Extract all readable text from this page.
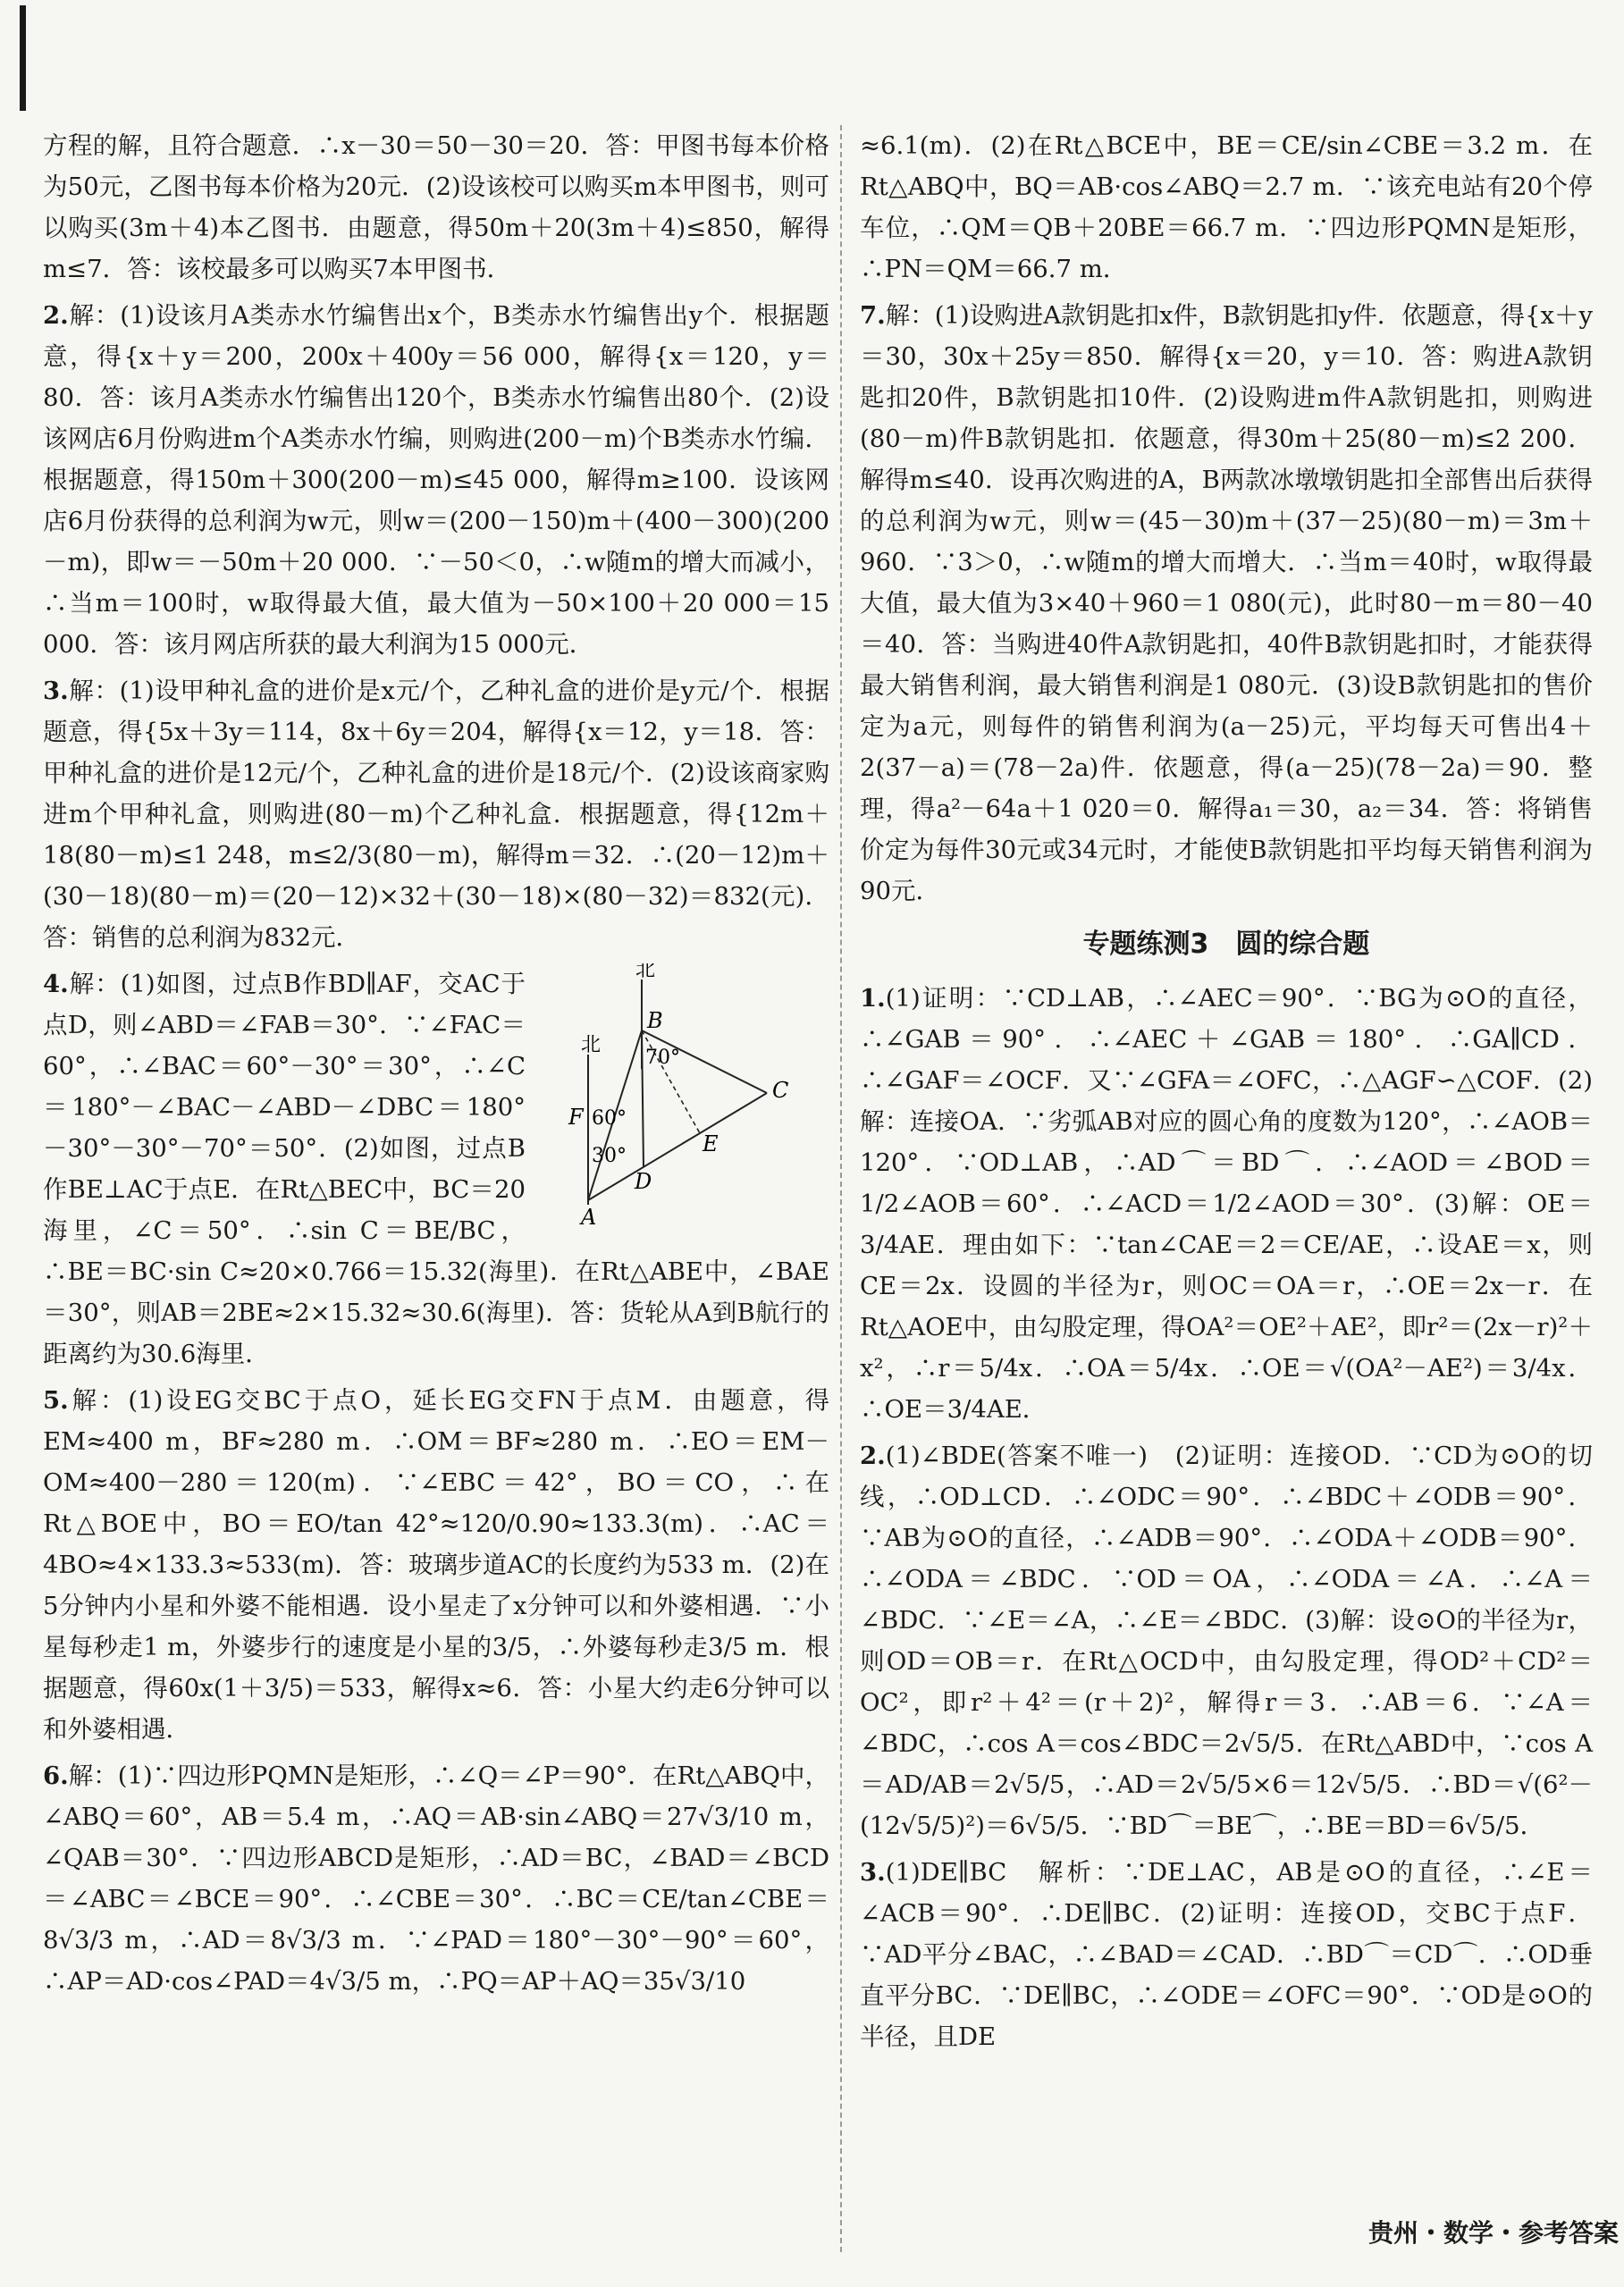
方程的解，且符合题意．∴x－30＝50－30＝20．答：甲图书每本价格为50元，乙图书每本价格为20元．(2)设该校可以购买m本甲图书，则可以购买(3m＋4)本乙图书．由题意，得50m＋20(3m＋4)≤850，解得m≤7．答：该校最多可以购买7本甲图书．

2.解：(1)设该月A类赤水竹编售出x个，B类赤水竹编售出y个．根据题意，得{x＋y＝200，200x＋400y＝56 000，解得{x＝120，y＝80．答：该月A类赤水竹编售出120个，B类赤水竹编售出80个．(2)设该网店6月份购进m个A类赤水竹编，则购进(200－m)个B类赤水竹编．根据题意，得150m＋300(200－m)≤45 000，解得m≥100．设该网店6月份获得的总利润为w元，则w＝(200－150)m＋(400－300)(200－m)，即w＝－50m＋20 000．∵－50＜0，∴w随m的增大而减小，∴当m＝100时，w取得最大值，最大值为－50×100＋20 000＝15 000．答：该月网店所获的最大利润为15 000元．

3.解：(1)设甲种礼盒的进价是x元/个，乙种礼盒的进价是y元/个．根据题意，得{5x＋3y＝114，8x＋6y＝204，解得{x＝12，y＝18．答：甲种礼盒的进价是12元/个，乙种礼盒的进价是18元/个．(2)设该商家购进m个甲种礼盒，则购进(80－m)个乙种礼盒．根据题意，得{12m＋18(80－m)≤1 248，m≤2/3(80－m)，解得m＝32．∴(20－12)m＋(30－18)(80－m)＝(20－12)×32＋(30－18)×(80－32)＝832(元)．答：销售的总利润为832元．

北
北
B
C
A
D
E
F 60°
30°
70°
4.解：(1)如图，过点B作BD∥AF，交AC于点D，则∠ABD＝∠FAB＝30°．∵∠FAC＝60°，∴∠BAC＝60°－30°＝30°，∴∠C＝180°－∠BAC－∠ABD－∠DBC＝180°－30°－30°－70°＝50°．(2)如图，过点B作BE⊥AC于点E．在Rt△BEC中，BC＝20海里，∠C＝50°．∴sin C＝BE/BC，∴BE＝BC·sin C≈20×0.766＝15.32(海里)．在Rt△ABE中，∠BAE＝30°，则AB＝2BE≈2×15.32≈30.6(海里)．答：货轮从A到B航行的距离约为30.6海里．

5.解：(1)设EG交BC于点O，延长EG交FN于点M．由题意，得EM≈400 m，BF≈280 m．∴OM＝BF≈280 m．∴EO＝EM－OM≈400－280＝120(m)．∵∠EBC＝42°，BO＝CO，∴在Rt△BOE中，BO＝EO/tan 42°≈120/0.90≈133.3(m)．∴AC＝4BO≈4×133.3≈533(m)．答：玻璃步道AC的长度约为533 m．(2)在5分钟内小星和外婆不能相遇．设小星走了x分钟可以和外婆相遇．∵小星每秒走1 m，外婆步行的速度是小星的3/5，∴外婆每秒走3/5 m．根据题意，得60x(1＋3/5)＝533，解得x≈6．答：小星大约走6分钟可以和外婆相遇．

6.解：(1)∵四边形PQMN是矩形，∴∠Q＝∠P＝90°．在Rt△ABQ中，∠ABQ＝60°，AB＝5.4 m，∴AQ＝AB·sin∠ABQ＝27√3/10 m，∠QAB＝30°．∵四边形ABCD是矩形，∴AD＝BC，∠BAD＝∠BCD＝∠ABC＝∠BCE＝90°．∴∠CBE＝30°．∴BC＝CE/tan∠CBE＝8√3/3 m，∴AD＝8√3/3 m．∵∠PAD＝180°－30°－90°＝60°，∴AP＝AD·cos∠PAD＝4√3/5 m，∴PQ＝AP＋AQ＝35√3/10

≈6.1(m)．(2)在Rt△BCE中，BE＝CE/sin∠CBE＝3.2 m．在Rt△ABQ中，BQ＝AB·cos∠ABQ＝2.7 m．∵该充电站有20个停车位，∴QM＝QB＋20BE＝66.7 m．∵四边形PQMN是矩形，∴PN＝QM＝66.7 m．

7.解：(1)设购进A款钥匙扣x件，B款钥匙扣y件．依题意，得{x＋y＝30，30x＋25y＝850．解得{x＝20，y＝10．答：购进A款钥匙扣20件，B款钥匙扣10件．(2)设购进m件A款钥匙扣，则购进(80－m)件B款钥匙扣．依题意，得30m＋25(80－m)≤2 200．解得m≤40．设再次购进的A，B两款冰墩墩钥匙扣全部售出后获得的总利润为w元，则w＝(45－30)m＋(37－25)(80－m)＝3m＋960．∵3＞0，∴w随m的增大而增大．∴当m＝40时，w取得最大值，最大值为3×40＋960＝1 080(元)，此时80－m＝80－40＝40．答：当购进40件A款钥匙扣，40件B款钥匙扣时，才能获得最大销售利润，最大销售利润是1 080元．(3)设B款钥匙扣的售价定为a元，则每件的销售利润为(a－25)元，平均每天可售出4＋2(37－a)＝(78－2a)件．依题意，得(a－25)(78－2a)＝90．整理，得a²－64a＋1 020＝0．解得a₁＝30，a₂＝34．答：将销售价定为每件30元或34元时，才能使B款钥匙扣平均每天销售利润为90元．

专题练测3　圆的综合题

1.(1)证明：∵CD⊥AB，∴∠AEC＝90°．∵BG为⊙O的直径，∴∠GAB＝90°．∴∠AEC＋∠GAB＝180°．∴GA∥CD．∴∠GAF＝∠OCF．又∵∠GFA＝∠OFC，∴△AGF∽△COF．(2)解：连接OA．∵劣弧AB对应的圆心角的度数为120°，∴∠AOB＝120°．∵OD⊥AB，∴AD⌒＝BD⌒．∴∠AOD＝∠BOD＝1/2∠AOB＝60°．∴∠ACD＝1/2∠AOD＝30°．(3)解：OE＝3/4AE．理由如下：∵tan∠CAE＝2＝CE/AE，∴设AE＝x，则CE＝2x．设圆的半径为r，则OC＝OA＝r，∴OE＝2x－r．在Rt△AOE中，由勾股定理，得OA²＝OE²＋AE²，即r²＝(2x－r)²＋x²，∴r＝5/4x．∴OA＝5/4x．∴OE＝√(OA²－AE²)＝3/4x．∴OE＝3/4AE．

2.(1)∠BDE(答案不唯一)　(2)证明：连接OD．∵CD为⊙O的切线，∴OD⊥CD．∴∠ODC＝90°．∴∠BDC＋∠ODB＝90°．∵AB为⊙O的直径，∴∠ADB＝90°．∴∠ODA＋∠ODB＝90°．∴∠ODA＝∠BDC．∵OD＝OA，∴∠ODA＝∠A．∴∠A＝∠BDC．∵∠E＝∠A，∴∠E＝∠BDC．(3)解：设⊙O的半径为r，则OD＝OB＝r．在Rt△OCD中，由勾股定理，得OD²＋CD²＝OC²，即r²＋4²＝(r＋2)²，解得r＝3．∴AB＝6．∵∠A＝∠BDC，∴cos A＝cos∠BDC＝2√5/5．在Rt△ABD中，∵cos A＝AD/AB＝2√5/5，∴AD＝2√5/5×6＝12√5/5．∴BD＝√(6²－(12√5/5)²)＝6√5/5．∵BD⌒＝BE⌒，∴BE＝BD＝6√5/5．

3.(1)DE∥BC　解析：∵DE⊥AC，AB是⊙O的直径，∴∠E＝∠ACB＝90°．∴DE∥BC．(2)证明：连接OD，交BC于点F．∵AD平分∠BAC，∴∠BAD＝∠CAD．∴BD⌒＝CD⌒．∴OD垂直平分BC．∵DE∥BC，∴∠ODE＝∠OFC＝90°．∵OD是⊙O的半径，且DE

贵州・数学・参考答案
